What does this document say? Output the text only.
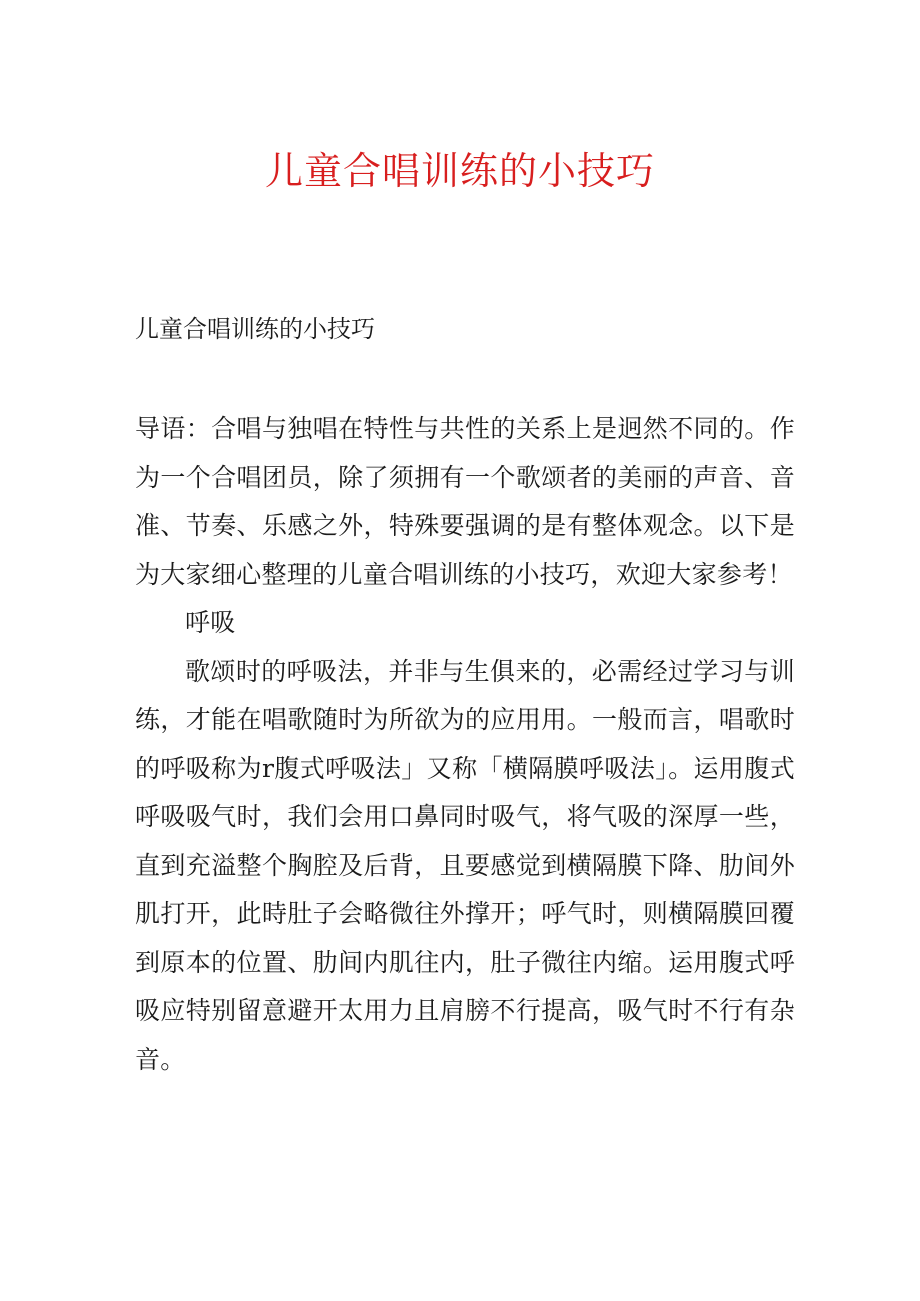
儿童合唱训练的小技巧
儿童合唱训练的小技巧

导语：合唱与独唱在特性与共性的关系上是迥然不同的。作为一个合唱团员，除了须拥有一个歌颂者的美丽的声音、音准、节奏、乐感之外，特殊要强调的是有整体观念。以下是为大家细心整理的儿童合唱训练的小技巧，欢迎大家参考！

呼吸

歌颂时的呼吸法，并非与生俱来的，必需经过学习与训练，才能在唱歌随时为所欲为的应用用。一般而言，唱歌时的呼吸称为r腹式呼吸法」又称「横隔膜呼吸法」。运用腹式呼吸吸气时，我们会用口鼻同时吸气，将气吸的深厚一些，直到充溢整个胸腔及后背，且要感觉到横隔膜下降、肋间外肌打开，此時肚子会略微往外撑开；呼气时，则横隔膜回覆到原本的位置、肋间内肌往内，肚子微往内缩。运用腹式呼吸应特别留意避开太用力且肩膀不行提高，吸气时不行有杂音。
